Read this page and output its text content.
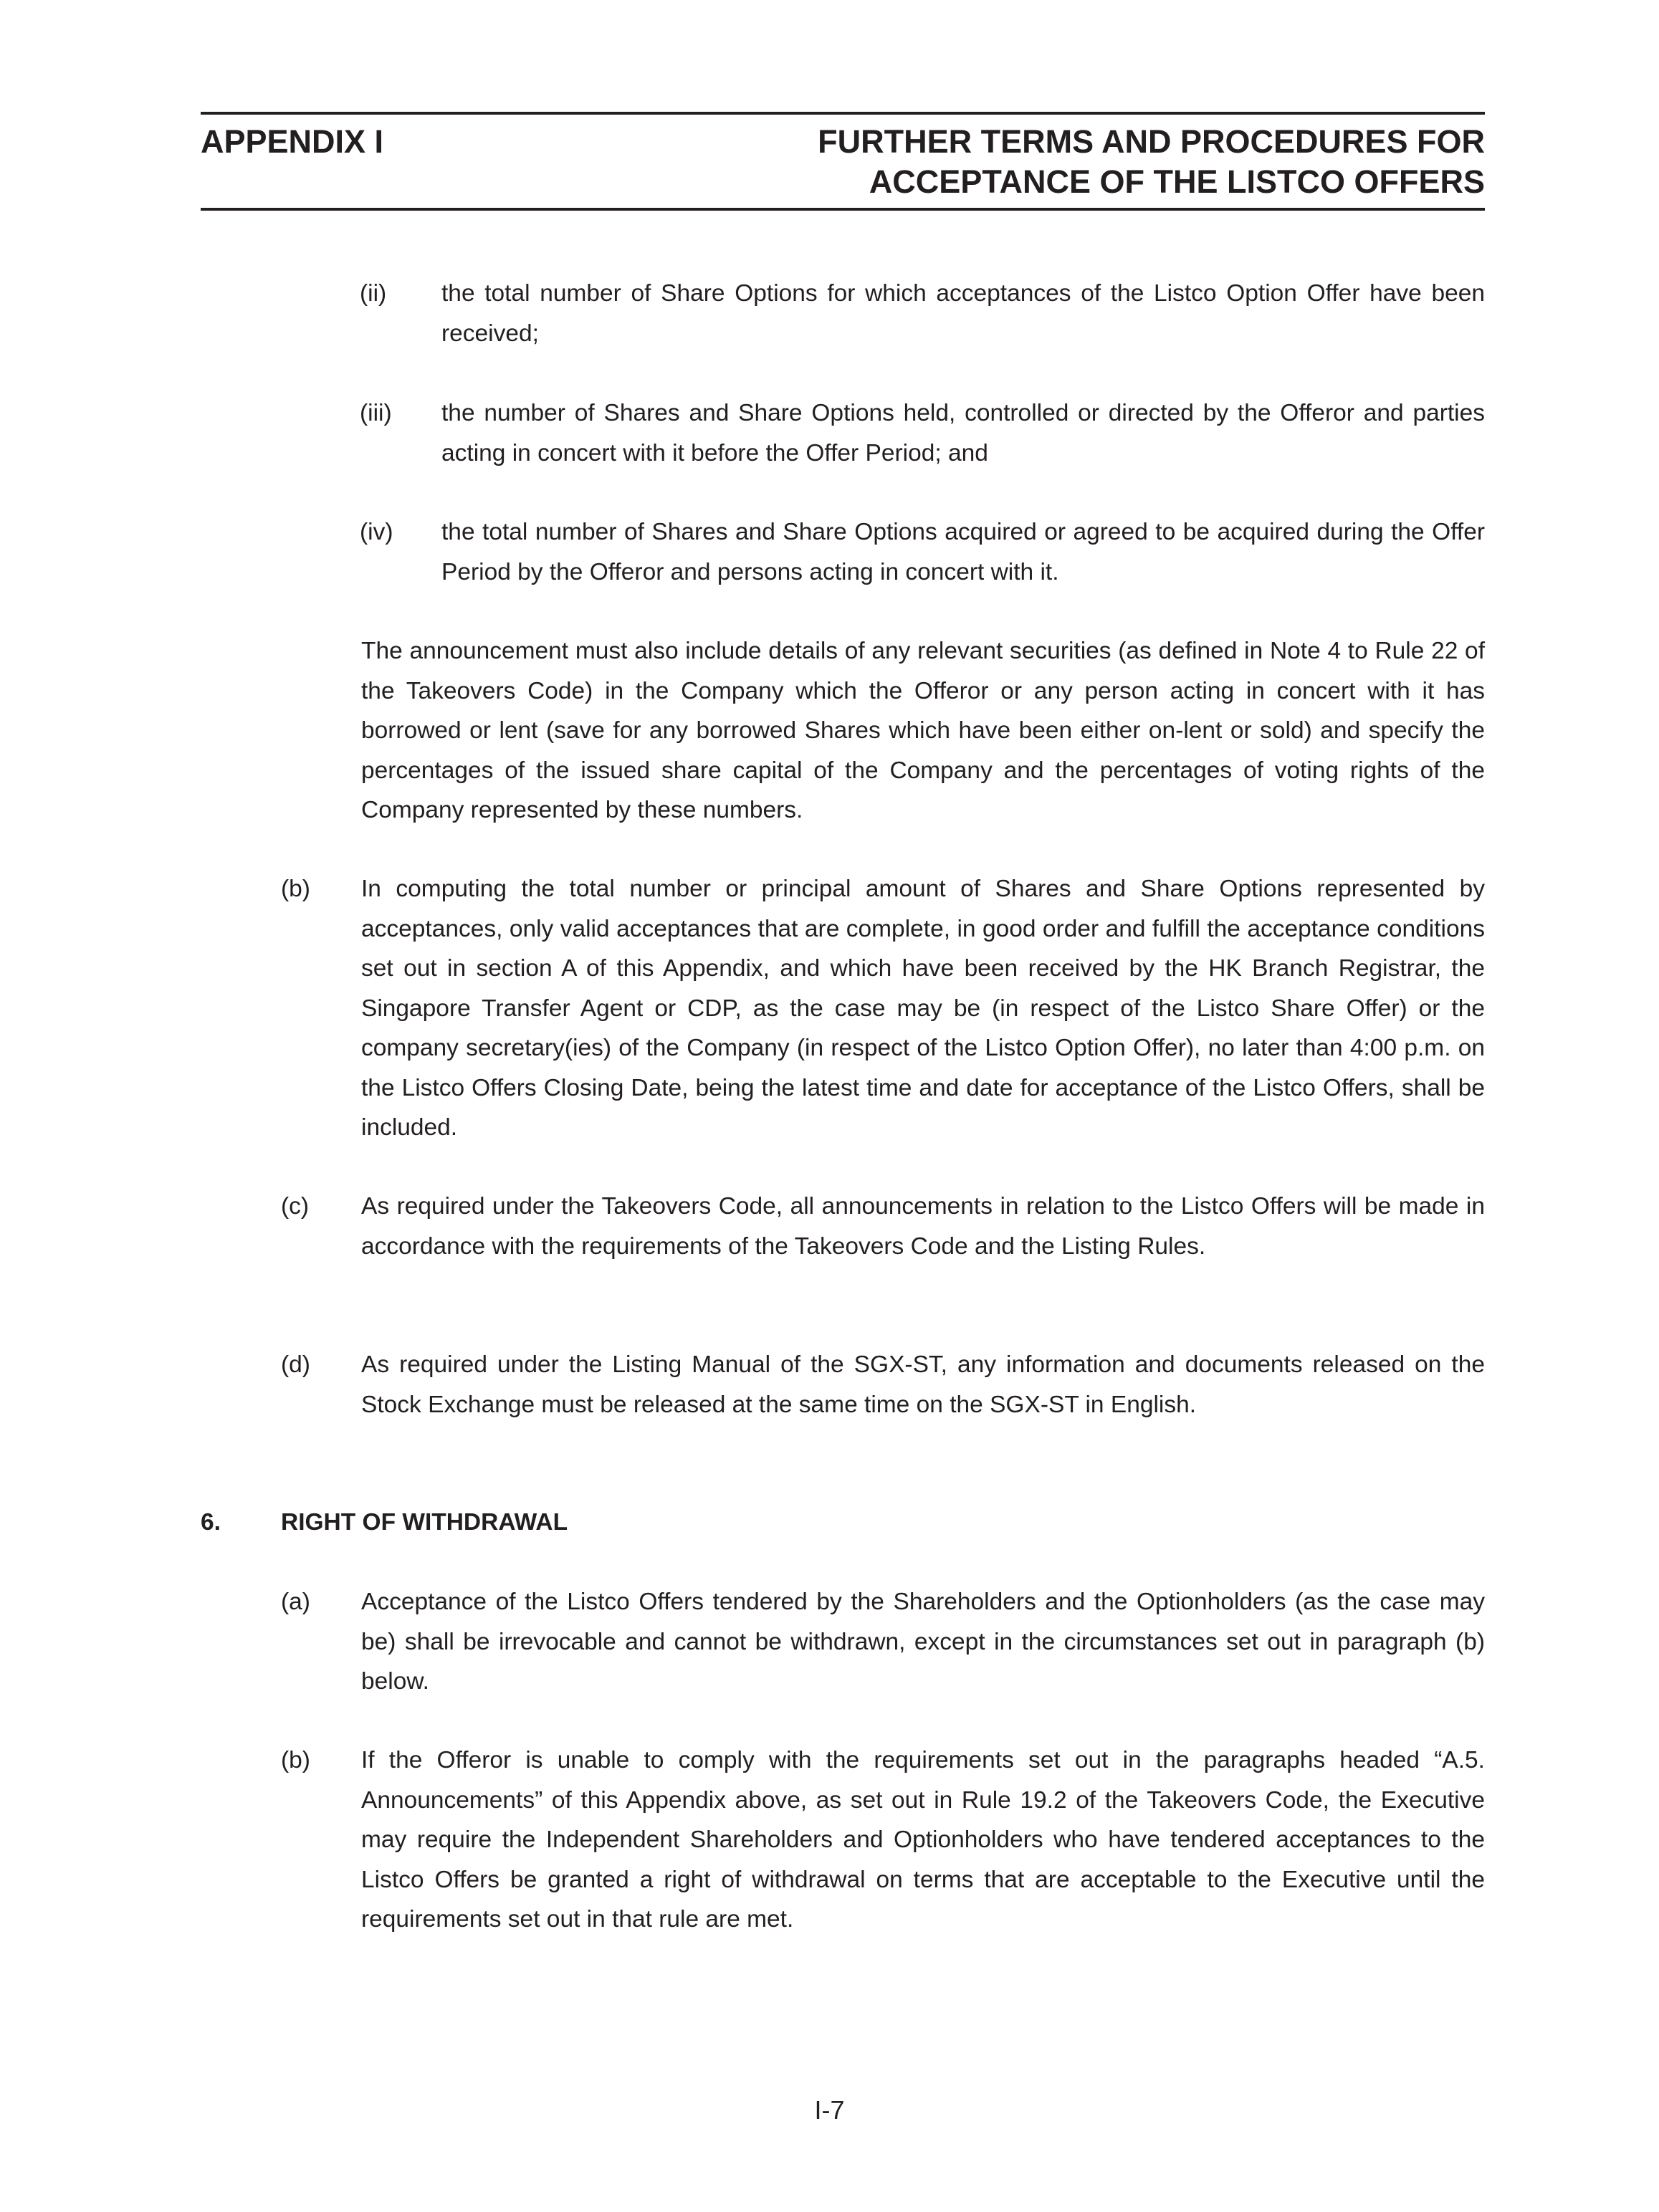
APPENDIX I	FURTHER TERMS AND PROCEDURES FOR
ACCEPTANCE OF THE LISTCO OFFERS
(ii) the total number of Share Options for which acceptances of the Listco Option Offer have been received;
(iii) the number of Shares and Share Options held, controlled or directed by the Offeror and parties acting in concert with it before the Offer Period; and
(iv) the total number of Shares and Share Options acquired or agreed to be acquired during the Offer Period by the Offeror and persons acting in concert with it.
The announcement must also include details of any relevant securities (as defined in Note 4 to Rule 22 of the Takeovers Code) in the Company which the Offeror or any person acting in concert with it has borrowed or lent (save for any borrowed Shares which have been either on-lent or sold) and specify the percentages of the issued share capital of the Company and the percentages of voting rights of the Company represented by these numbers.
(b) In computing the total number or principal amount of Shares and Share Options represented by acceptances, only valid acceptances that are complete, in good order and fulfill the acceptance conditions set out in section A of this Appendix, and which have been received by the HK Branch Registrar, the Singapore Transfer Agent or CDP, as the case may be (in respect of the Listco Share Offer) or the company secretary(ies) of the Company (in respect of the Listco Option Offer), no later than 4:00 p.m. on the Listco Offers Closing Date, being the latest time and date for acceptance of the Listco Offers, shall be included.
(c) As required under the Takeovers Code, all announcements in relation to the Listco Offers will be made in accordance with the requirements of the Takeovers Code and the Listing Rules.
(d) As required under the Listing Manual of the SGX-ST, any information and documents released on the Stock Exchange must be released at the same time on the SGX-ST in English.
6.	RIGHT OF WITHDRAWAL
(a) Acceptance of the Listco Offers tendered by the Shareholders and the Optionholders (as the case may be) shall be irrevocable and cannot be withdrawn, except in the circumstances set out in paragraph (b) below.
(b) If the Offeror is unable to comply with the requirements set out in the paragraphs headed “A.5. Announcements” of this Appendix above, as set out in Rule 19.2 of the Takeovers Code, the Executive may require the Independent Shareholders and Optionholders who have tendered acceptances to the Listco Offers be granted a right of withdrawal on terms that are acceptable to the Executive until the requirements set out in that rule are met.
I-7
